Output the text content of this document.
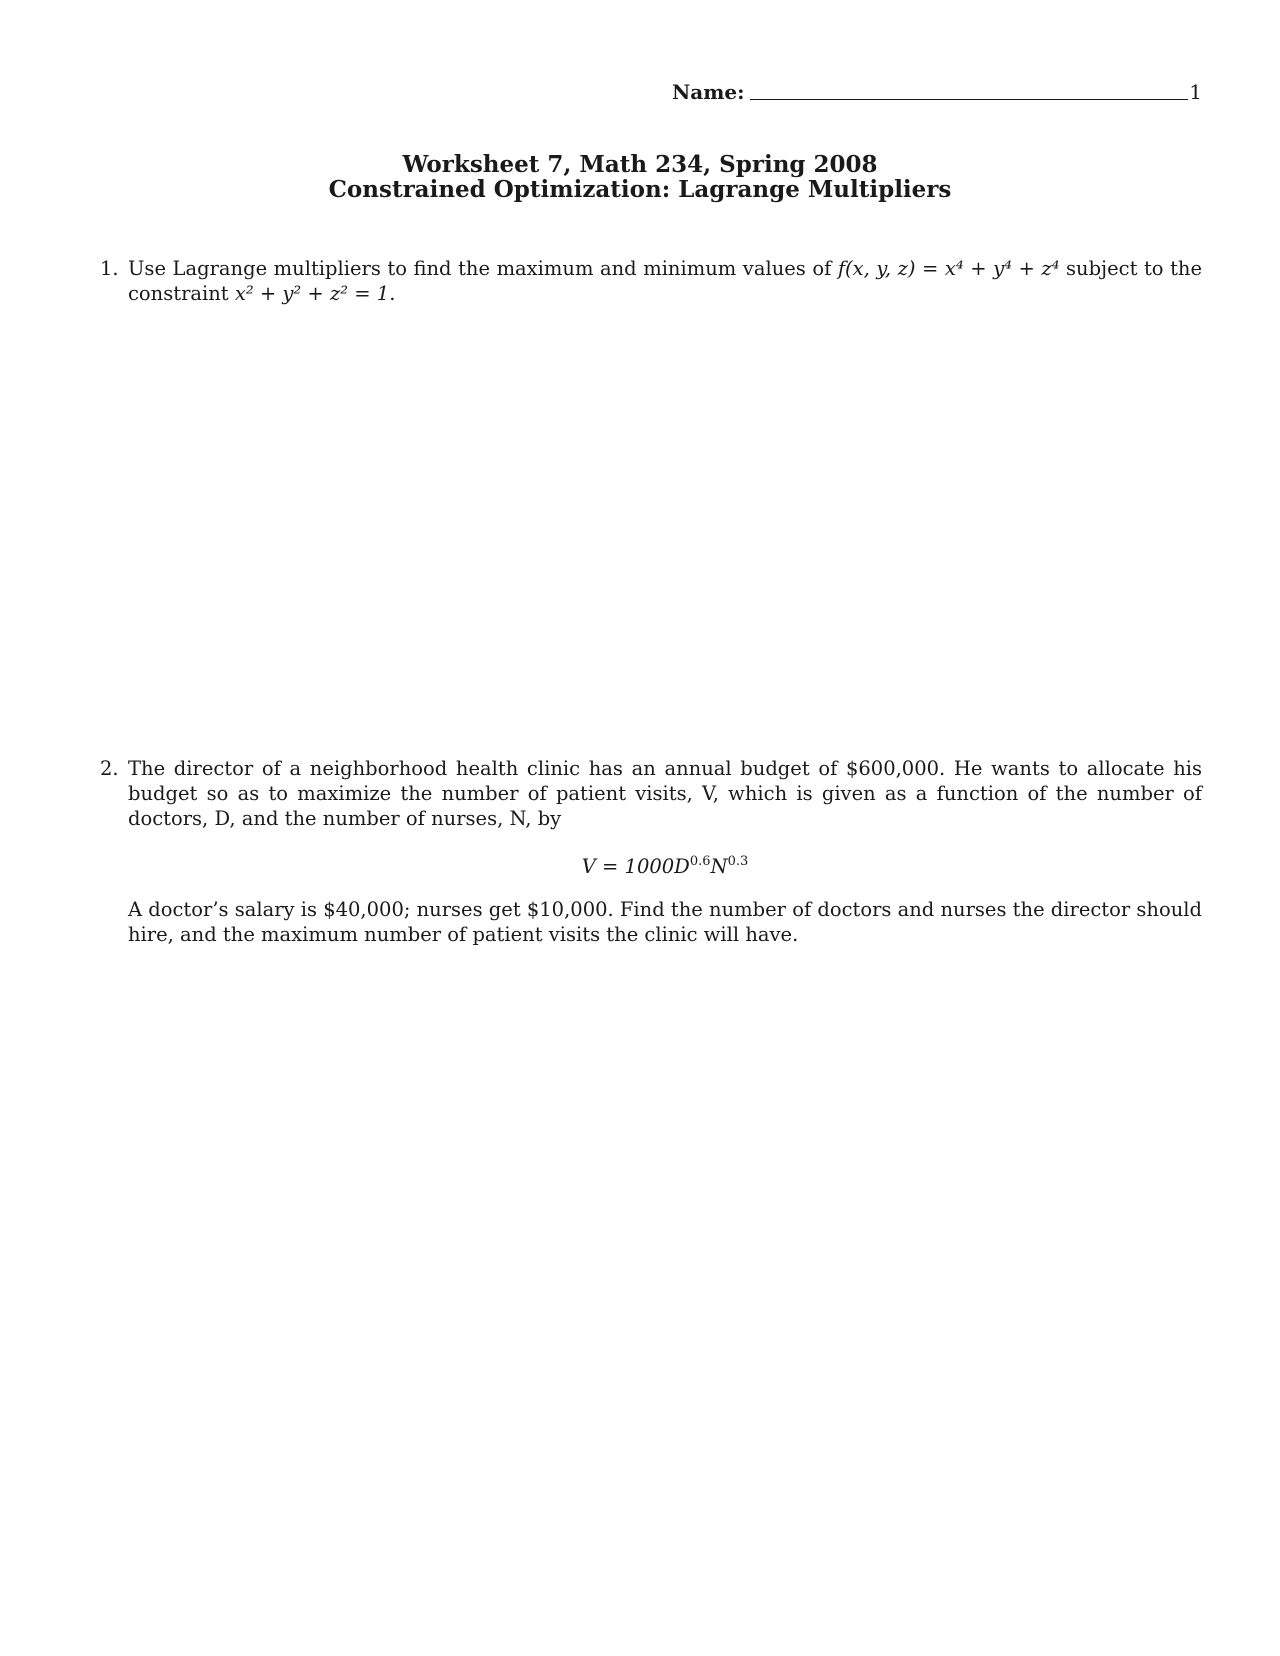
Name:	1
Worksheet 7, Math 234, Spring 2008
Constrained Optimization: Lagrange Multipliers
1. Use Lagrange multipliers to find the maximum and minimum values of f(x, y, z) = x⁴ + y⁴ + z⁴ subject to the constraint x² + y² + z² = 1.
2. The director of a neighborhood health clinic has an annual budget of $600,000. He wants to allocate his budget so as to maximize the number of patient visits, V, which is given as a function of the number of doctors, D, and the number of nurses, N, by
$V = 1000D^{0.6}N^{0.3}$
A doctor’s salary is $40,000; nurses get $10,000. Find the number of doctors and nurses the director should hire, and the maximum number of patient visits the clinic will have.
